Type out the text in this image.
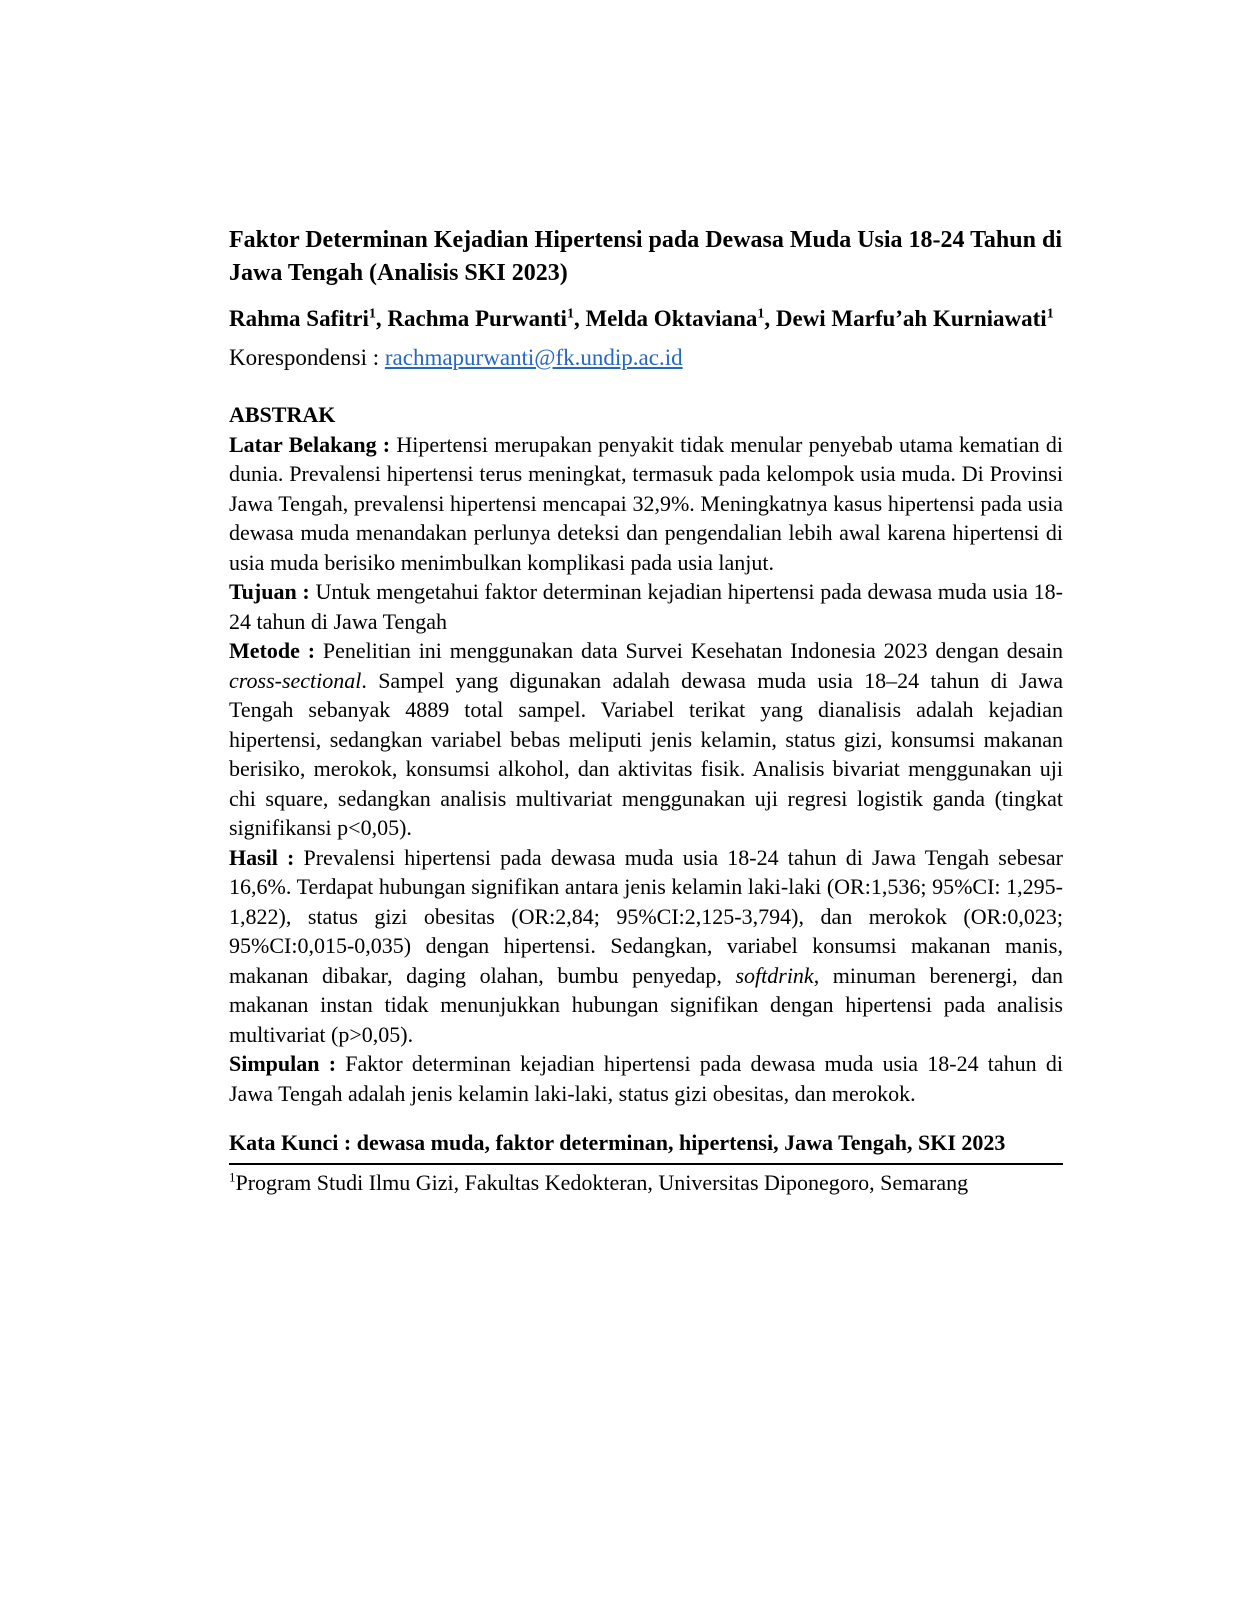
Faktor Determinan Kejadian Hipertensi pada Dewasa Muda Usia 18-24 Tahun di Jawa Tengah (Analisis SKI 2023)

Rahma Safitri$^1$, Rachma Purwanti$^1$, Melda Oktaviana$^1$, Dewi Marfu’ah Kurniawati$^1$

Korespondensi : rachmapurwanti@fk.undip.ac.id

ABSTRAK

Latar Belakang : Hipertensi merupakan penyakit tidak menular penyebab utama kematian di dunia. Prevalensi hipertensi terus meningkat, termasuk pada kelompok usia muda. Di Provinsi Jawa Tengah, prevalensi hipertensi mencapai 32,9%. Meningkatnya kasus hipertensi pada usia dewasa muda menandakan perlunya deteksi dan pengendalian lebih awal karena hipertensi di usia muda berisiko menimbulkan komplikasi pada usia lanjut.

Tujuan : Untuk mengetahui faktor determinan kejadian hipertensi pada dewasa muda usia 18-24 tahun di Jawa Tengah

Metode : Penelitian ini menggunakan data Survei Kesehatan Indonesia 2023 dengan desain cross-sectional. Sampel yang digunakan adalah dewasa muda usia 18–24 tahun di Jawa Tengah sebanyak 4889 total sampel. Variabel terikat yang dianalisis adalah kejadian hipertensi, sedangkan variabel bebas meliputi jenis kelamin, status gizi, konsumsi makanan berisiko, merokok, konsumsi alkohol, dan aktivitas fisik. Analisis bivariat menggunakan uji chi square, sedangkan analisis multivariat menggunakan uji regresi logistik ganda (tingkat signifikansi p<0,05).

Hasil : Prevalensi hipertensi pada dewasa muda usia 18-24 tahun di Jawa Tengah sebesar 16,6%. Terdapat hubungan signifikan antara jenis kelamin laki-laki (OR:1,536; 95%CI: 1,295-1,822), status gizi obesitas (OR:2,84; 95%CI:2,125-3,794), dan merokok (OR:0,023; 95%CI:0,015-0,035) dengan hipertensi. Sedangkan, variabel konsumsi makanan manis, makanan dibakar, daging olahan, bumbu penyedap, softdrink, minuman berenergi, dan makanan instan tidak menunjukkan hubungan signifikan dengan hipertensi pada analisis multivariat (p>0,05).

Simpulan : Faktor determinan kejadian hipertensi pada dewasa muda usia 18-24 tahun di Jawa Tengah adalah jenis kelamin laki-laki, status gizi obesitas, dan merokok.

Kata Kunci : dewasa muda, faktor determinan, hipertensi, Jawa Tengah, SKI 2023

$^1$Program Studi Ilmu Gizi, Fakultas Kedokteran, Universitas Diponegoro, Semarang
